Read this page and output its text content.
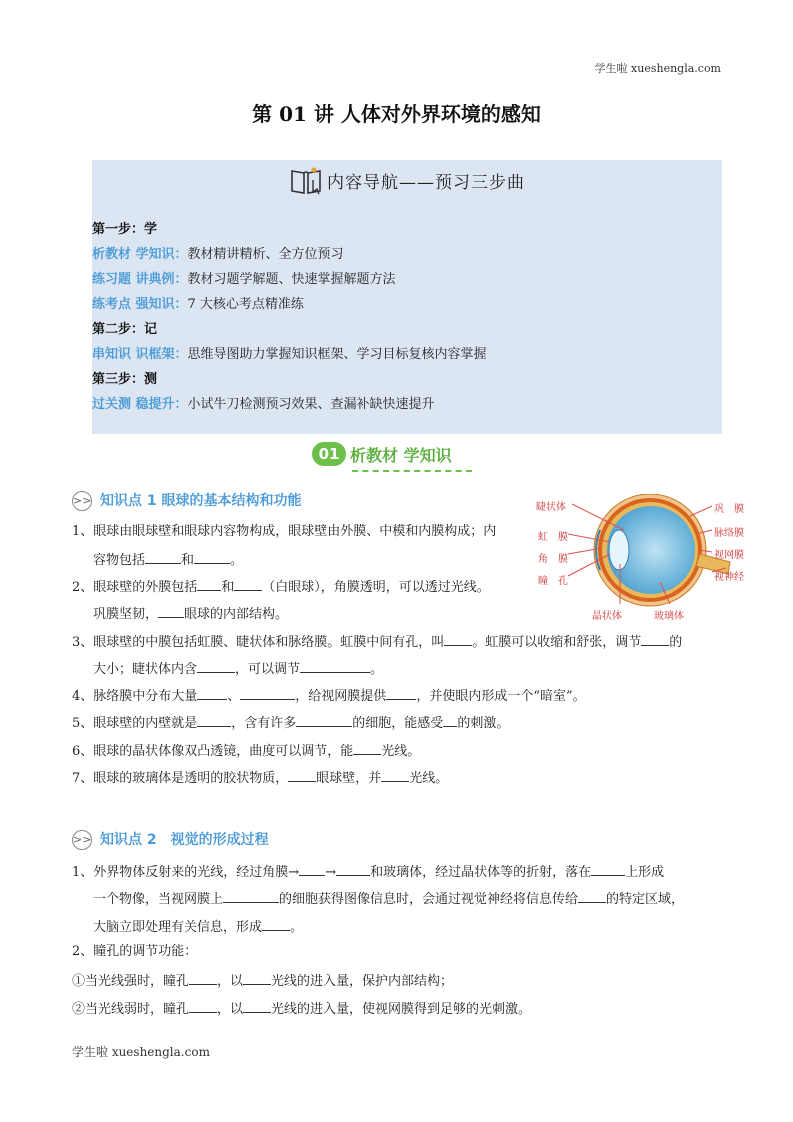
学生啦 xueshengla.com
第 01 讲 人体对外界环境的感知
内容导航——预习三步曲
第一步：学
析教材 学知识：教材精讲精析、全方位预习
练习题 讲典例：教材习题学解题、快速掌握解题方法
练考点 强知识：7 大核心考点精准练
第二步：记
串知识 识框架：思维导图助力掌握知识框架、学习目标复核内容掌握
第三步：测
过关测 稳提升：小试牛刀检测预习效果、查漏补缺快速提升
01 析教材 学知识
>> 知识点 1 眼球的基本结构和功能
1、眼球由眼球壁和眼球内容物构成，眼球壁由外膜、中模和内膜构成；内
容物包括	和	。
2、眼球壁的外膜包括 和 （白眼球），角膜透明，可以透过光线。
巩膜坚韧， 眼球的内部结构。
3、眼球壁的中膜包括虹膜、睫状体和脉络膜。虹膜中间有孔，叫 。虹膜可以收缩和舒张，调节 的
大小；睫状体内含	，可以调节	。
4、脉络膜中分布大量 、	，给视网膜提供 ，并使眼内形成一个“暗室”。
5、眼球壁的内壁就是	，含有许多	的细胞，能感受 的刺激。
6、眼球的晶状体像双凸透镜，曲度可以调节，能 光线。
7、眼球的玻璃体是透明的胶状物质， 眼球壁，并 光线。
睫状体
虹　膜
角　膜
瞳　孔
晶状体	玻璃体
巩　膜
脉络膜
视网膜
视神经
>> 知识点 2　视觉的形成过程
1、外界物体反射来的光线，经过角膜→ →	和玻璃体，经过晶状体等的折射，落在	上形成
一个物像，当视网膜上	的细胞获得图像信息时，会通过视觉神经将信息传给 的特定区域，
大脑立即处理有关信息，形成 。
2、瞳孔的调节功能：
①当光线强时，瞳孔 ，以 光线的进入量，保护内部结构；
②当光线弱时，瞳孔 ，以 光线的进入量，使视网膜得到足够的光刺激。
学生啦 xueshengla.com
